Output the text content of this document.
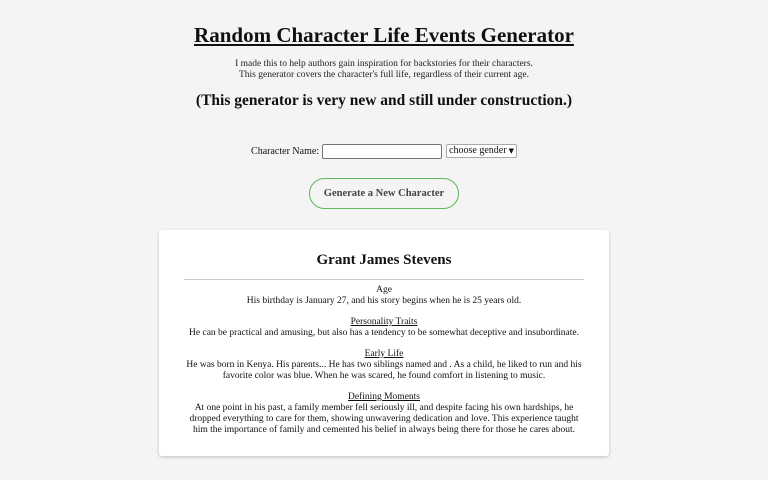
Random Character Life Events Generator
I made this to help authors gain inspiration for backstories for their characters.
This generator covers the character's full life, regardless of their current age.
(This generator is very new and still under construction.)
Character Name:	choose gender ▼
Generate a New Character
Grant James Stevens
Age
His birthday is January 27, and his story begins when he is 25 years old.
Personality Traits
He can be practical and amusing, but also has a tendency to be somewhat deceptive and insubordinate.
Early Life
He was born in Kenya. His parents... He has two siblings named and . As a child, he liked to run and his favorite color was blue. When he was scared, he found comfort in listening to music.
Defining Moments
At one point in his past, a family member fell seriously ill, and despite facing his own hardships, he dropped everything to care for them, showing unwavering dedication and love. This experience taught him the importance of family and cemented his belief in always being there for those he cares about.
